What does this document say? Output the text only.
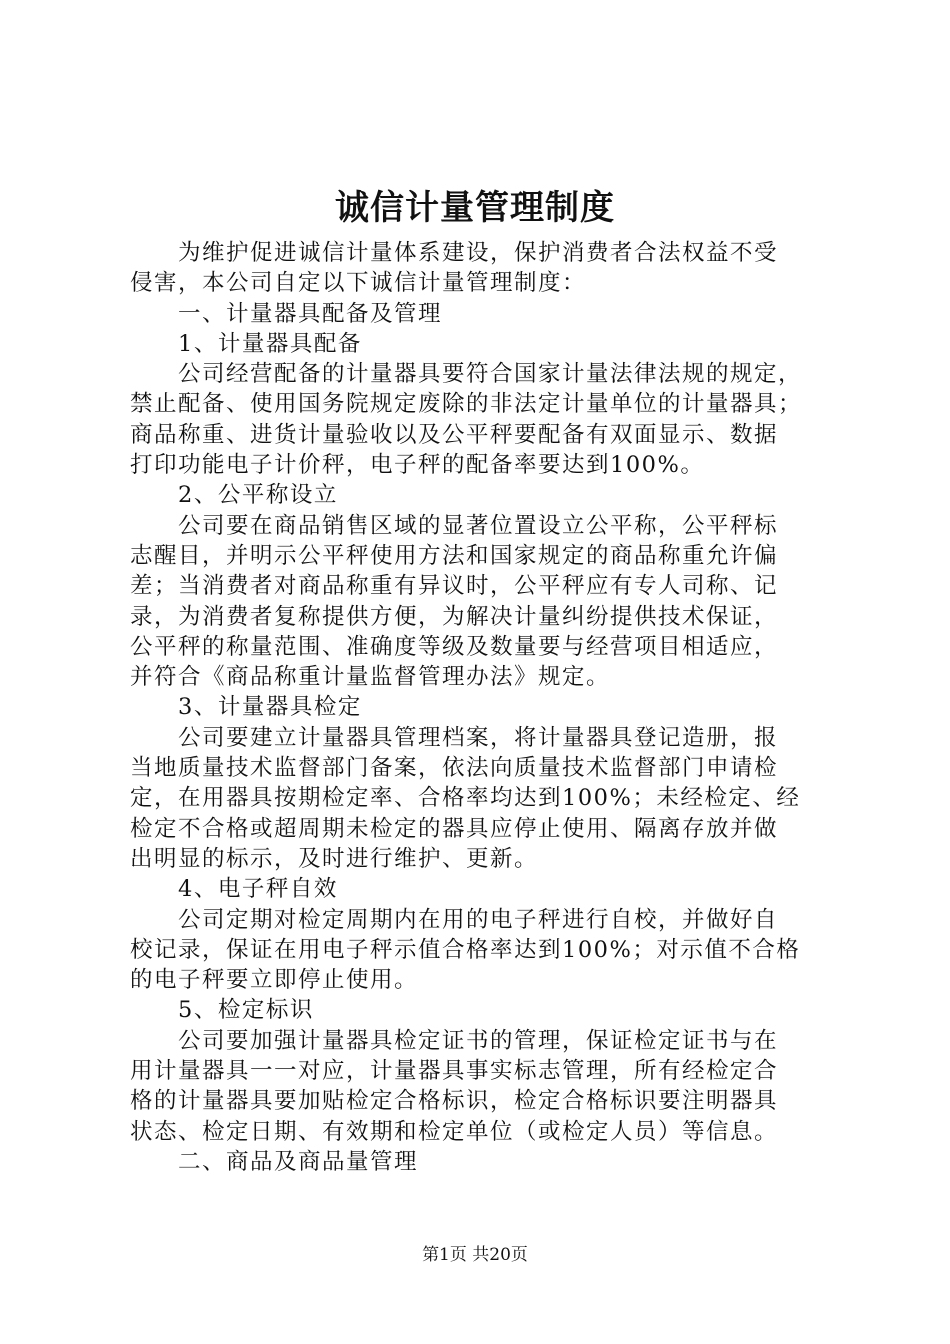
诚信计量管理制度
为维护促进诚信计量体系建设，保护消费者合法权益不受
侵害，本公司自定以下诚信计量管理制度：
一、计量器具配备及管理
1、计量器具配备
公司经营配备的计量器具要符合国家计量法律法规的规定，
禁止配备、使用国务院规定废除的非法定计量单位的计量器具；
商品称重、进货计量验收以及公平秤要配备有双面显示、数据
打印功能电子计价秤，电子秤的配备率要达到100%。
2、公平称设立
公司要在商品销售区域的显著位置设立公平称，公平秤标
志醒目，并明示公平秤使用方法和国家规定的商品称重允许偏
差；当消费者对商品称重有异议时，公平秤应有专人司称、记
录，为消费者复称提供方便，为解决计量纠纷提供技术保证，
公平秤的称量范围、准确度等级及数量要与经营项目相适应，
并符合《商品称重计量监督管理办法》规定。
3、计量器具检定
公司要建立计量器具管理档案，将计量器具登记造册，报
当地质量技术监督部门备案，依法向质量技术监督部门申请检
定，在用器具按期检定率、合格率均达到100%；未经检定、经
检定不合格或超周期未检定的器具应停止使用、隔离存放并做
出明显的标示，及时进行维护、更新。
4、电子秤自效
公司定期对检定周期内在用的电子秤进行自校，并做好自
校记录，保证在用电子秤示值合格率达到100%；对示值不合格
的电子秤要立即停止使用。
5、检定标识
公司要加强计量器具检定证书的管理，保证检定证书与在
用计量器具一一对应，计量器具事实标志管理，所有经检定合
格的计量器具要加贴检定合格标识，检定合格标识要注明器具
状态、检定日期、有效期和检定单位（或检定人员）等信息。
二、商品及商品量管理
第1页 共20页
